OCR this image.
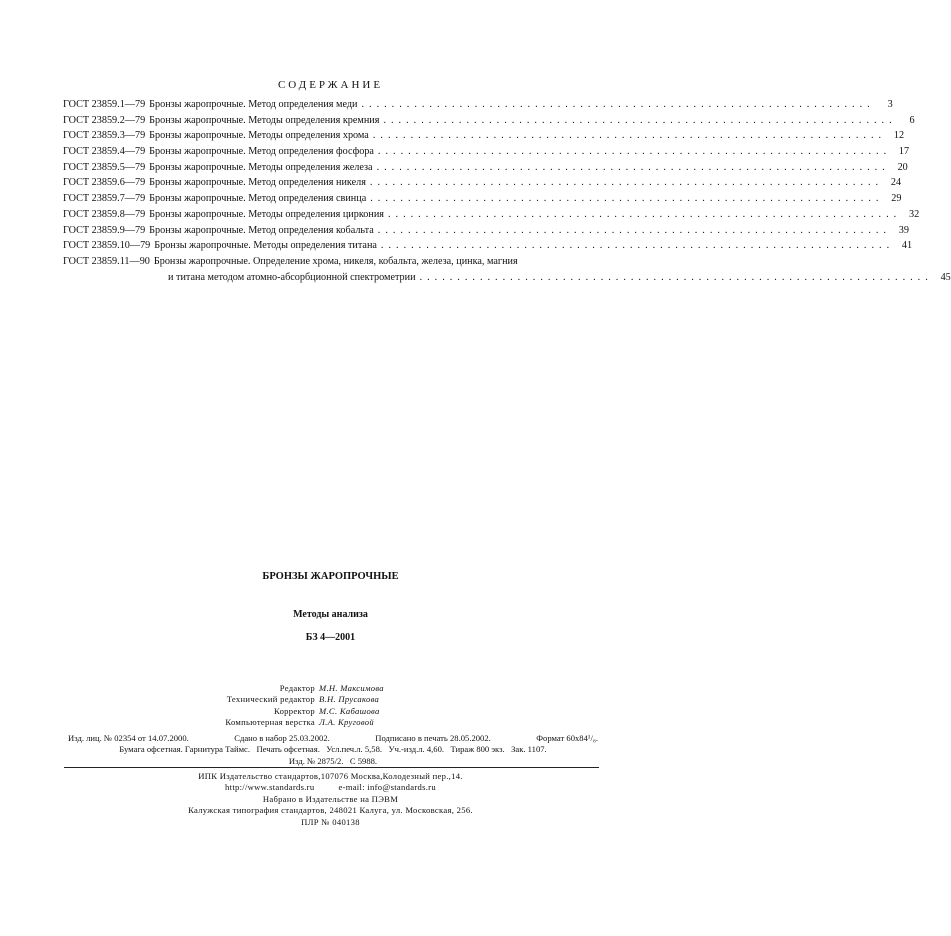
СОДЕРЖАНИЕ
ГОСТ 23859.1—79 Бронзы жаропрочные. Метод определения меди ....................................................................	3
ГОСТ 23859.2—79 Бронзы жаропрочные. Методы определения кремния ....................................................................	6
ГОСТ 23859.3—79 Бронзы жаропрочные. Методы определения хрома .................................................................... 12
ГОСТ 23859.4—79 Бронзы жаропрочные. Метод определения фосфора .................................................................... 17
ГОСТ 23859.5—79 Бронзы жаропрочные. Методы определения железа .................................................................... 20
ГОСТ 23859.6—79 Бронзы жаропрочные. Метод определения никеля .................................................................... 24
ГОСТ 23859.7—79 Бронзы жаропрочные. Метод определения свинца .................................................................... 29
ГОСТ 23859.8—79 Бронзы жаропрочные. Методы определения циркония .................................................................... 32
ГОСТ 23859.9—79 Бронзы жаропрочные. Метод определения кобальта .................................................................... 39
ГОСТ 23859.10—79 Бронзы жаропрочные. Методы определения титана .................................................................... 41
ГОСТ 23859.11—90 Бронзы жаропрочные. Определение хрома, никеля, кобальта, железа, цинка, магния
и титана методом атомно-абсорбционной спектрометрии .................................................................... 45
БРОНЗЫ ЖАРОПРОЧНЫЕ
Методы анализа
БЗ 4—2001
Редактор М.Н. Максимова
Технический редактор В.Н. Прусакова
Корректор М.С. Кабашова
Компьютерная верстка Л.А. Круговой
Изд. лиц. № 02354 от 14.07.2000.	Сдано в набор 25.03.2002.	Подписано в печать 28.05.2002.	Формат 60х84¹/₈.
Бумага офсетная. Гарнитура Таймс.   Печать офсетная.   Усл.печ.л. 5,58.   Уч.-изд.л. 4,60.   Тираж 800 экз.   Зак. 1107.
Изд. № 2875/2.   С 5988.
ИПК Издательство стандартов,107076 Москва,Колодезный пер.,14.
http://www.standards.ru	e-mail: info@standards.ru
Набрано в Издательстве на ПЭВМ
Калужская типография стандартов, 248021 Калуга, ул. Московская, 256.
ПЛР № 040138
